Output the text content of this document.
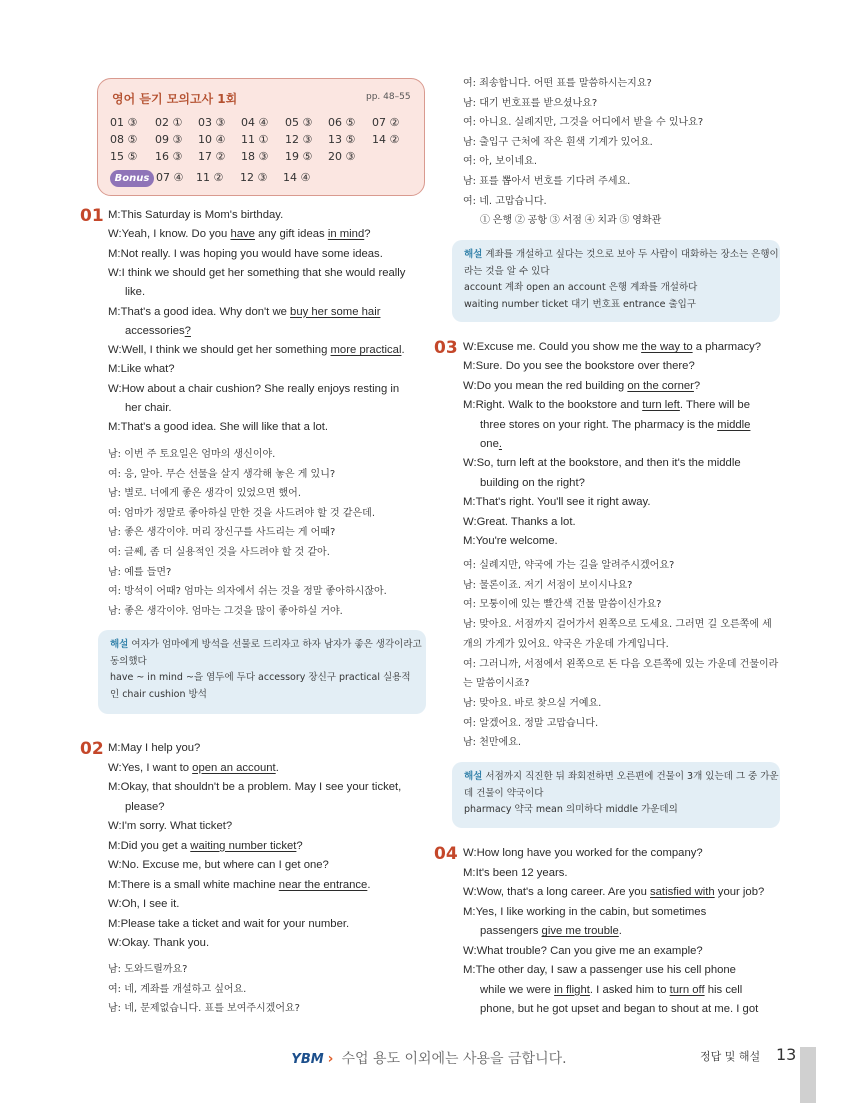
영어 듣기 모의고사 1회	pp. 48–55
01 ③ 02 ① 03 ③ 04 ④ 05 ③ 06 ⑤ 07 ②
08 ⑤ 09 ③ 10 ④ 11 ① 12 ③ 13 ⑤ 14 ②
15 ⑤ 16 ③ 17 ② 18 ③ 19 ⑤ 20 ③
Bonus 07 ④ 11 ② 12 ③ 14 ④
01 M:This Saturday is Mom's birthday.
W:Yeah, I know. Do you have any gift ideas in mind?
M:Not really. I was hoping you would have some ideas.
W:I think we should get her something that she would really
like.
M:That's a good idea. Why don't we buy her some hair
accessories?
W:Well, I think we should get her something more practical.
M:Like what?
W:How about a chair cushion? She really enjoys resting in
her chair.
M:That's a good idea. She will like that a lot.
남: 이번 주 토요일은 엄마의 생신이야.
여: 응, 알아. 무슨 선물을 살지 생각해 놓은 게 있니?
남: 별로. 너에게 좋은 생각이 있었으면 했어.
여: 엄마가 정말로 좋아하실 만한 것을 사드려야 할 것 같은데.
남: 좋은 생각이야. 머리 장신구를 사드리는 게 어때?
여: 글쎄, 좀 더 실용적인 것을 사드려야 할 것 같아.
남: 예를 들면?
여: 방석이 어때? 엄마는 의자에서 쉬는 것을 정말 좋아하시잖아.
남: 좋은 생각이야. 엄마는 그것을 많이 좋아하실 거야.
해설 여자가 엄마에게 방석을 선물로 드리자고 하자 남자가 좋은 생각이라고
동의했다
have ~ in mind ~을 염두에 두다 accessory 장신구 practical 실용적
인 chair cushion 방석
02 M:May I help you?
W:Yes, I want to open an account.
M:Okay, that shouldn't be a problem. May I see your ticket,
please?
W:I'm sorry. What ticket?
M:Did you get a waiting number ticket?
W:No. Excuse me, but where can I get one?
M:There is a small white machine near the entrance.
W:Oh, I see it.
M:Please take a ticket and wait for your number.
W:Okay. Thank you.
남: 도와드릴까요?
여: 네, 계좌를 개설하고 싶어요.
남: 네, 문제없습니다. 표를 보여주시겠어요?
여: 죄송합니다. 어떤 표를 말씀하시는지요?
남: 대기 번호표를 받으셨나요?
여: 아니요. 실례지만, 그것을 어디에서 받을 수 있나요?
남: 출입구 근처에 작은 흰색 기계가 있어요.
여: 아, 보이네요.
남: 표를 뽑아서 번호를 기다려 주세요.
여: 네. 고맙습니다.
① 은행 ② 공항 ③ 서점 ④ 치과 ⑤ 영화관
해설 계좌를 개설하고 싶다는 것으로 보아 두 사람이 대화하는 장소는 은행이
라는 것을 알 수 있다
account 계좌 open an account 은행 계좌를 개설하다
waiting number ticket 대기 번호표 entrance 출입구
03 W:Excuse me. Could you show me the way to a pharmacy?
M:Sure. Do you see the bookstore over there?
W:Do you mean the red building on the corner?
M:Right. Walk to the bookstore and turn left. There will be
three stores on your right. The pharmacy is the middle
one.
W:So, turn left at the bookstore, and then it's the middle
building on the right?
M:That's right. You'll see it right away.
W:Great. Thanks a lot.
M:You're welcome.
여: 실례지만, 약국에 가는 길을 알려주시겠어요?
남: 물론이죠. 저기 서점이 보이시나요?
여: 모퉁이에 있는 빨간색 건물 말씀이신가요?
남: 맞아요. 서점까지 걸어가서 왼쪽으로 도세요. 그러면 길 오른쪽에 세
개의 가게가 있어요. 약국은 가운데 가게입니다.
여: 그러니까, 서점에서 왼쪽으로 돈 다음 오른쪽에 있는 가운데 건물이라
는 말씀이시죠?
남: 맞아요. 바로 찾으실 거예요.
여: 알겠어요. 정말 고맙습니다.
남: 천만에요.
해설 서점까지 직진한 뒤 좌회전하면 오른편에 건물이 3개 있는데 그 중 가운
데 건물이 약국이다
pharmacy 약국 mean 의미하다 middle 가운데의
04 W:How long have you worked for the company?
M:It's been 12 years.
W:Wow, that's a long career. Are you satisfied with your job?
M:Yes, I like working in the cabin, but sometimes
passengers give me trouble.
W:What trouble? Can you give me an example?
M:The other day, I saw a passenger use his cell phone
while we were in flight. I asked him to turn off his cell
phone, but he got upset and began to shout at me. I got
YBM › 수업 용도 이외에는 사용을 금합니다.	정답 및 해설 13
